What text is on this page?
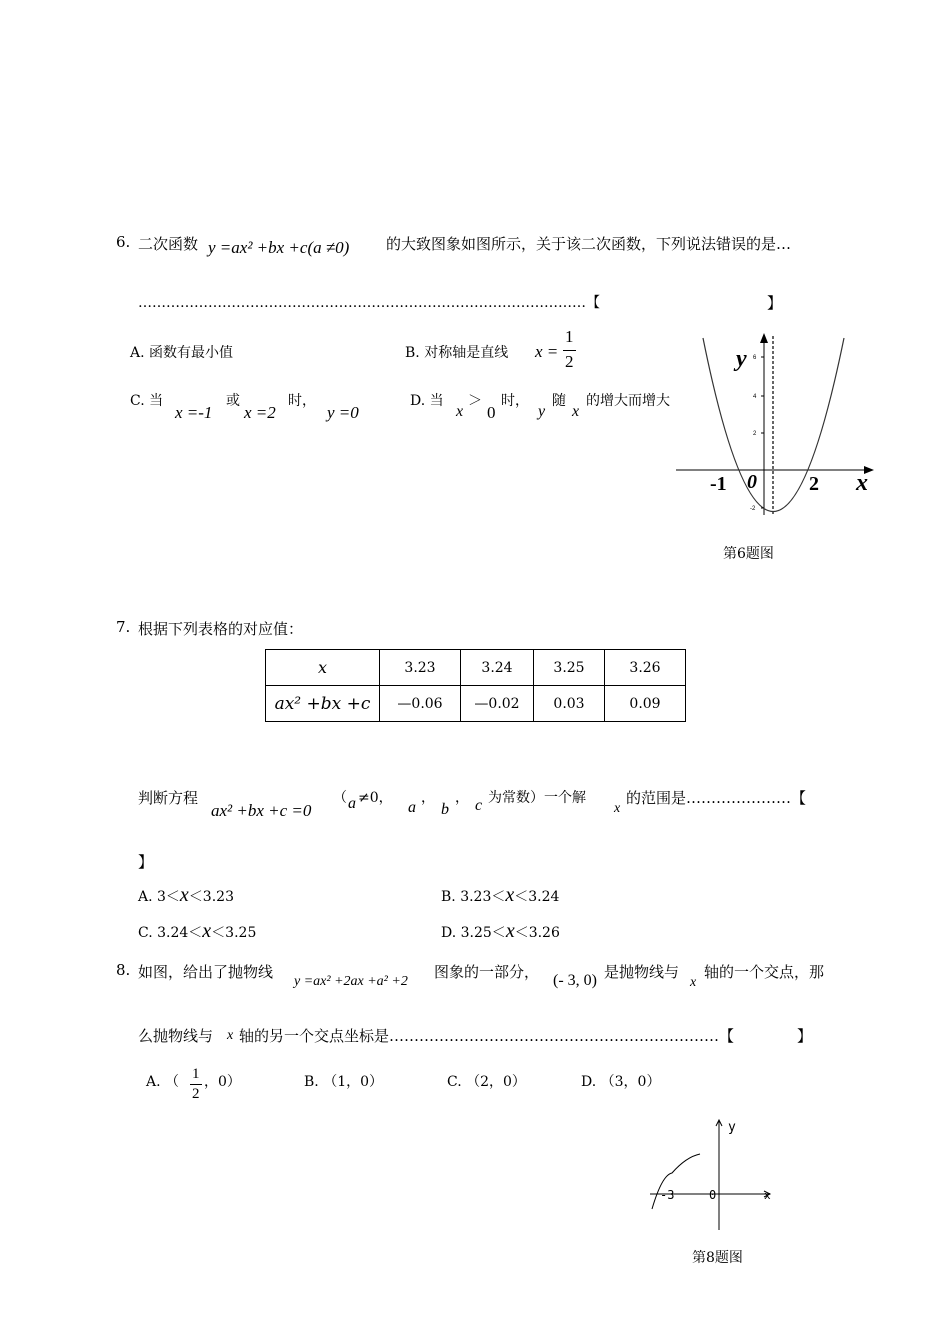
6. 二次函数 y =ax² +bx +c(a ≠0) 的大致图象如图所示，关于该二次函数，下列说法错误的是…
……………………………………………………………………………………【	】
A. 函数有最小值	B. 对称轴是直线 x =
1
2
C. 当
x =-1
或
x =2
时，
y =0
D. 当
x
＞
0
时，
y
随
x
的增大而增大
6
4
2
-2
y
x
-1 0	2
第6题图
7. 根据下列表格的对应值：
x	3.23	3.24	3.25	3.26
ax² +bx +c	—0.06	—0.02	0.03	0.09
判断方程
ax² +bx +c =0
（ a ≠0，
a
，
b
， c 为常数）一个解
x
的范围是…………………【
】
A. 3＜x＜3.23	B. 3.23＜x＜3.24
C. 3.24＜x＜3.25	D. 3.25＜x＜3.26
8. 如图，给出了抛物线
y =ax² +2ax +a² +2
图象的一部分， (- 3, 0) 是抛物线与
x
轴的一个交点，那
么抛物线与 x 轴的另一个交点坐标是…………………………………………………………【	】
A. （ 1
2
，0）	B. （1，0）	C. （2，0）	D. （3，0）
y
x
-3	0
第8题图
